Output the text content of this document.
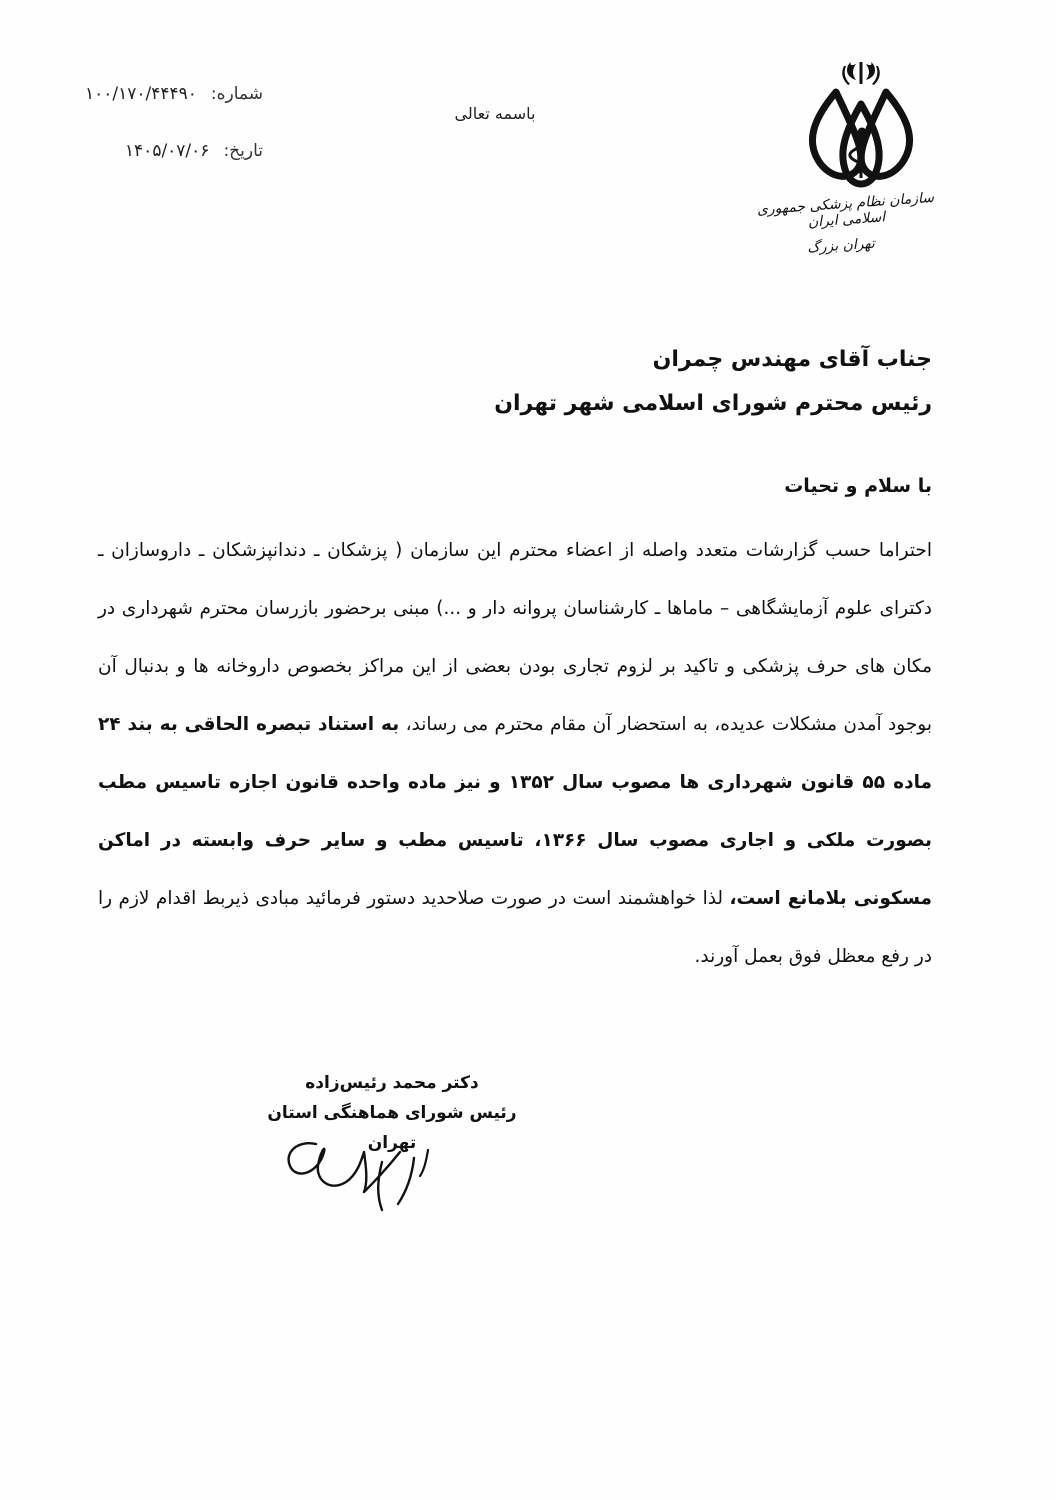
شماره:۱۰۰/۱۷۰/۴۴۴۹۰
تاریخ:۱۴۰۵/۰۷/۰۶
باسمه تعالی
سازمان نظام پزشکی جمهوری اسلامی ایران
تهران بزرگ
جناب آقای مهندس چمران
رئیس محترم شورای اسلامی شهر تهران
با سلام و تحیات
احتراما حسب گزارشات متعدد واصله از اعضاء محترم این سازمان ( پزشکان ـ دندانپزشکان ـ داروسازان ـ دکترای علوم آزمایشگاهی – ماماها ـ کارشناسان پروانه دار و ...) مبنی برحضور بازرسان محترم شهرداری در مکان های حرف پزشکی و تاکید بر لزوم تجاری بودن بعضی از این مراکز بخصوص داروخانه ها و بدنبال آن بوجود آمدن مشکلات عدیده، به استحضار آن مقام محترم می رساند، به استناد تبصره الحاقی به بند ۲۴ ماده ۵۵ قانون شهرداری ها مصوب سال ۱۳۵۲ و نیز ماده واحده قانون اجازه تاسیس مطب بصورت ملکی و اجاری مصوب سال ۱۳۶۶، تاسیس مطب و سایر حرف وابسته در اماکن مسکونی بلامانع است، لذا خواهشمند است در صورت صلاحدید دستور فرمائید مبادی ذیربط اقدام لازم را در رفع معظل فوق بعمل آورند.
دکتر محمد رئیس‌زاده
رئیس شورای هماهنگی استان تهران
